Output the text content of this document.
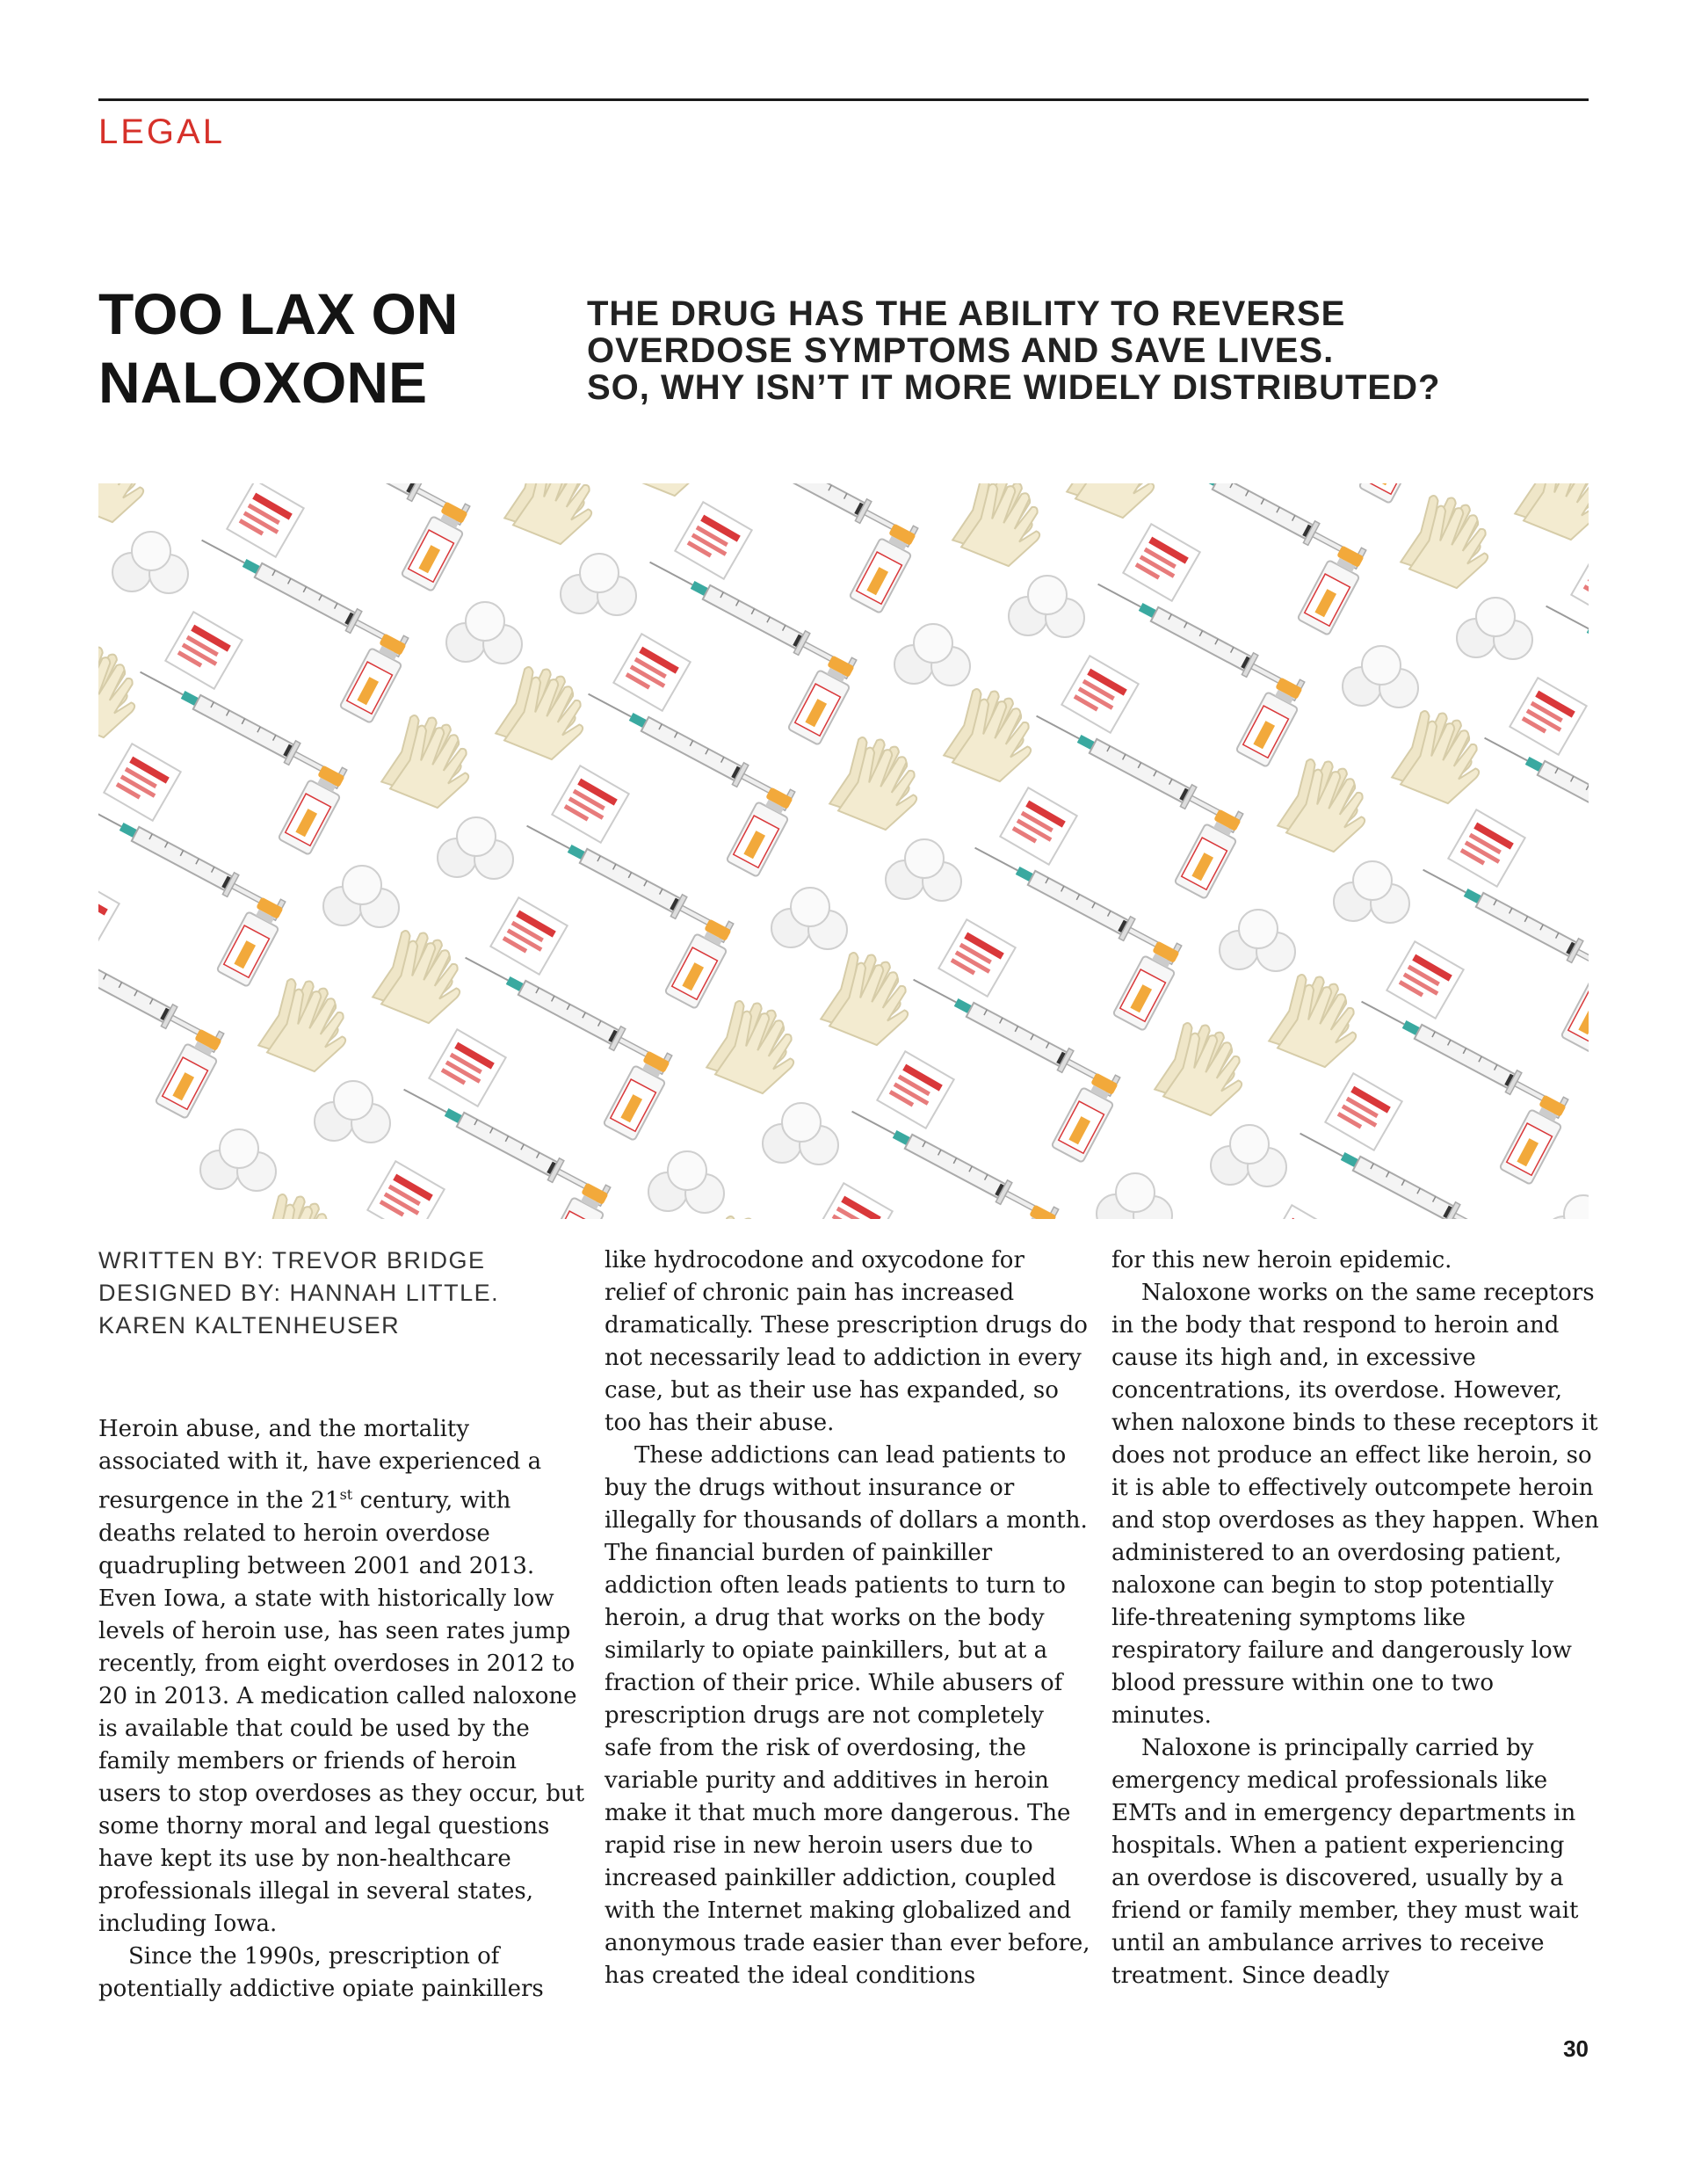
LEGAL
TOO LAX ON
NALOXONE
THE DRUG HAS THE ABILITY TO REVERSE
OVERDOSE SYMPTOMS AND SAVE LIVES.
SO, WHY ISN’T IT MORE WIDELY DISTRIBUTED?
WRITTEN BY: TREVOR BRIDGE
DESIGNED BY: HANNAH LITTLE.
KAREN KALTENHEUSER

Heroin abuse, and the mortality associated with it, have experienced a resurgence in the 21st century, with deaths related to heroin overdose quadrupling between 2001 and 2013. Even Iowa, a state with historically low levels of heroin use, has seen rates jump recently, from eight overdoses in 2012 to 20 in 2013. A medication called naloxone is available that could be used by the family members or friends of heroin users to stop overdoses as they occur, but some thorny moral and legal questions have kept its use by non-healthcare professionals illegal in several states, including Iowa.

Since the 1990s, prescription of potentially addictive opiate painkillers

like hydrocodone and oxycodone for relief of chronic pain has increased dramatically. These prescription drugs do not necessarily lead to addiction in every case, but as their use has expanded, so too has their abuse.

These addictions can lead patients to buy the drugs without insurance or illegally for thousands of dollars a month. The financial burden of painkiller addiction often leads patients to turn to heroin, a drug that works on the body similarly to opiate painkillers, but at a fraction of their price. While abusers of prescription drugs are not completely safe from the risk of overdosing, the variable purity and additives in heroin make it that much more dangerous. The rapid rise in new heroin users due to increased painkiller addiction, coupled with the Internet making globalized and anonymous trade easier than ever before, has created the ideal conditions

for this new heroin epidemic.

Naloxone works on the same receptors in the body that respond to heroin and cause its high and, in excessive concentrations, its overdose. However, when naloxone binds to these receptors it does not produce an effect like heroin, so it is able to effectively outcompete heroin and stop overdoses as they happen. When administered to an overdosing patient, naloxone can begin to stop potentially life-threatening symptoms like respiratory failure and dangerously low blood pressure within one to two minutes.

Naloxone is principally carried by emergency medical professionals like EMTs and in emergency departments in hospitals. When a patient experiencing an overdose is discovered, usually by a friend or family member, they must wait until an ambulance arrives to receive treatment. Since deadly

30
